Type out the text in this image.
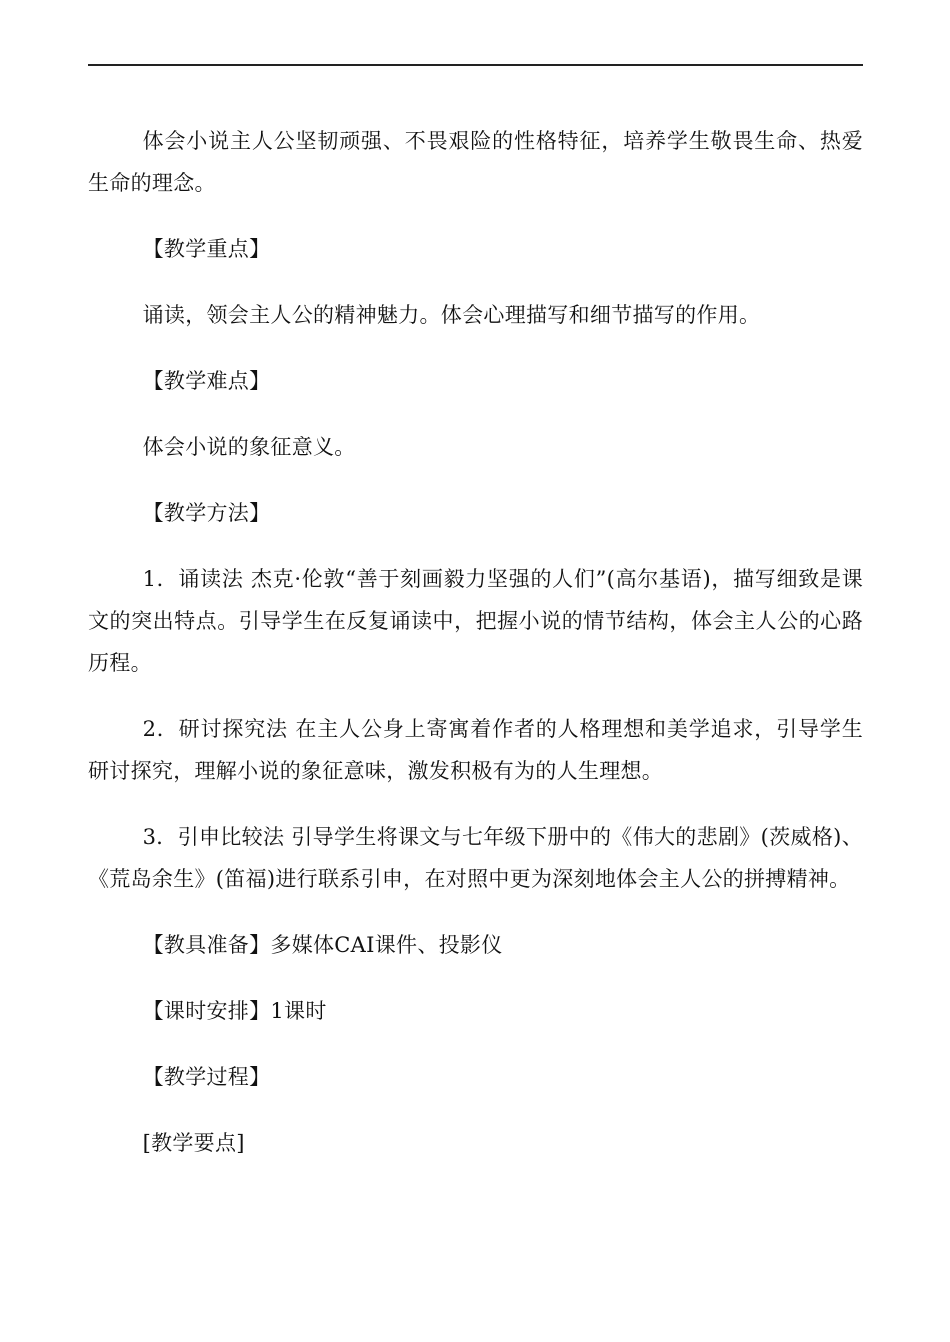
体会小说主人公坚韧顽强、不畏艰险的性格特征，培养学生敬畏生命、热爱生命的理念。

【教学重点】

诵读，领会主人公的精神魅力。体会心理描写和细节描写的作用。

【教学难点】

体会小说的象征意义。

【教学方法】

1．诵读法 杰克·伦敦“善于刻画毅力坚强的人们”(高尔基语)，描写细致是课文的突出特点。引导学生在反复诵读中，把握小说的情节结构，体会主人公的心路历程。

2．研讨探究法 在主人公身上寄寓着作者的人格理想和美学追求，引导学生研讨探究，理解小说的象征意味，激发积极有为的人生理想。

3．引申比较法 引导学生将课文与七年级下册中的《伟大的悲剧》(茨威格)、《荒岛余生》(笛福)进行联系引申，在对照中更为深刻地体会主人公的拼搏精神。

【教具准备】多媒体CAI课件、投影仪

【课时安排】1课时

【教学过程】

[教学要点]
